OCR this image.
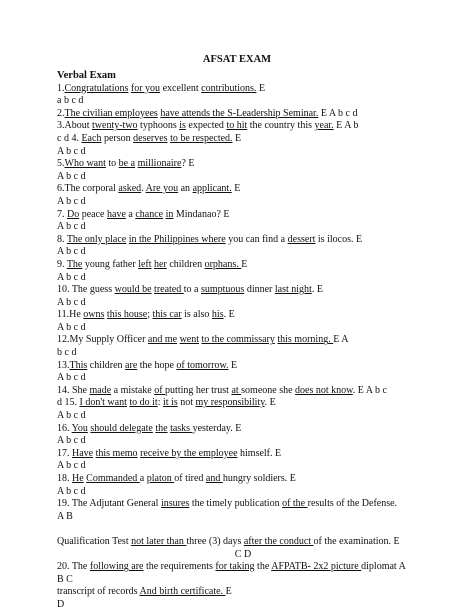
AFSAT EXAM
Verbal Exam
1.Congratulations for you excellent contributions. E
a b c d
2.The civilian employees have attends the S-Leadership Seminar. E A b c d
3.About twenty-two typhoons is expected to hit the country this year. E A b
c d 4. Each person deserves to be respected. E
A b c d
5.Who want to be a millionaire? E
A b c d
6.The corporal asked. Are you an applicant. E
A b c d
7. Do peace have a chance in Mindanao? E
A b c d
8. The only place in the Philippines where you can find a dessert is ilocos. E
A b c d
9. The young father left her children orphans. E
A b c d
10. The guess would be treated to a sumptuous dinner last night. E
A b c d
11.He owns this house; this car is also his. E
A b c d
12.My Supply Officer and me went to the commissary this morning. E A
b c d
13.This children are the hope of tomorrow. E
A b c d
14. She made a mistake of putting her trust at someone she does not know. E A b c
d 15. I don't want to do it: it is not my responsibility. E
A b c d
16. You should delegate the tasks yesterday. E
A b c d
17. Have this memo receive by the employee himself. E
A b c d
18. He Commanded a platon of tired and hungry soldiers. E
A b c d
19. The Adjutant General insures the timely publication of the results of the Defense.
A B
Qualification Test not later than three (3) days after the conduct of the examination. E
C D
20. The following are the requirements for taking the AFPATB- 2x2 picture diplomat A
B C
transcript of records And birth certificate. E
D
